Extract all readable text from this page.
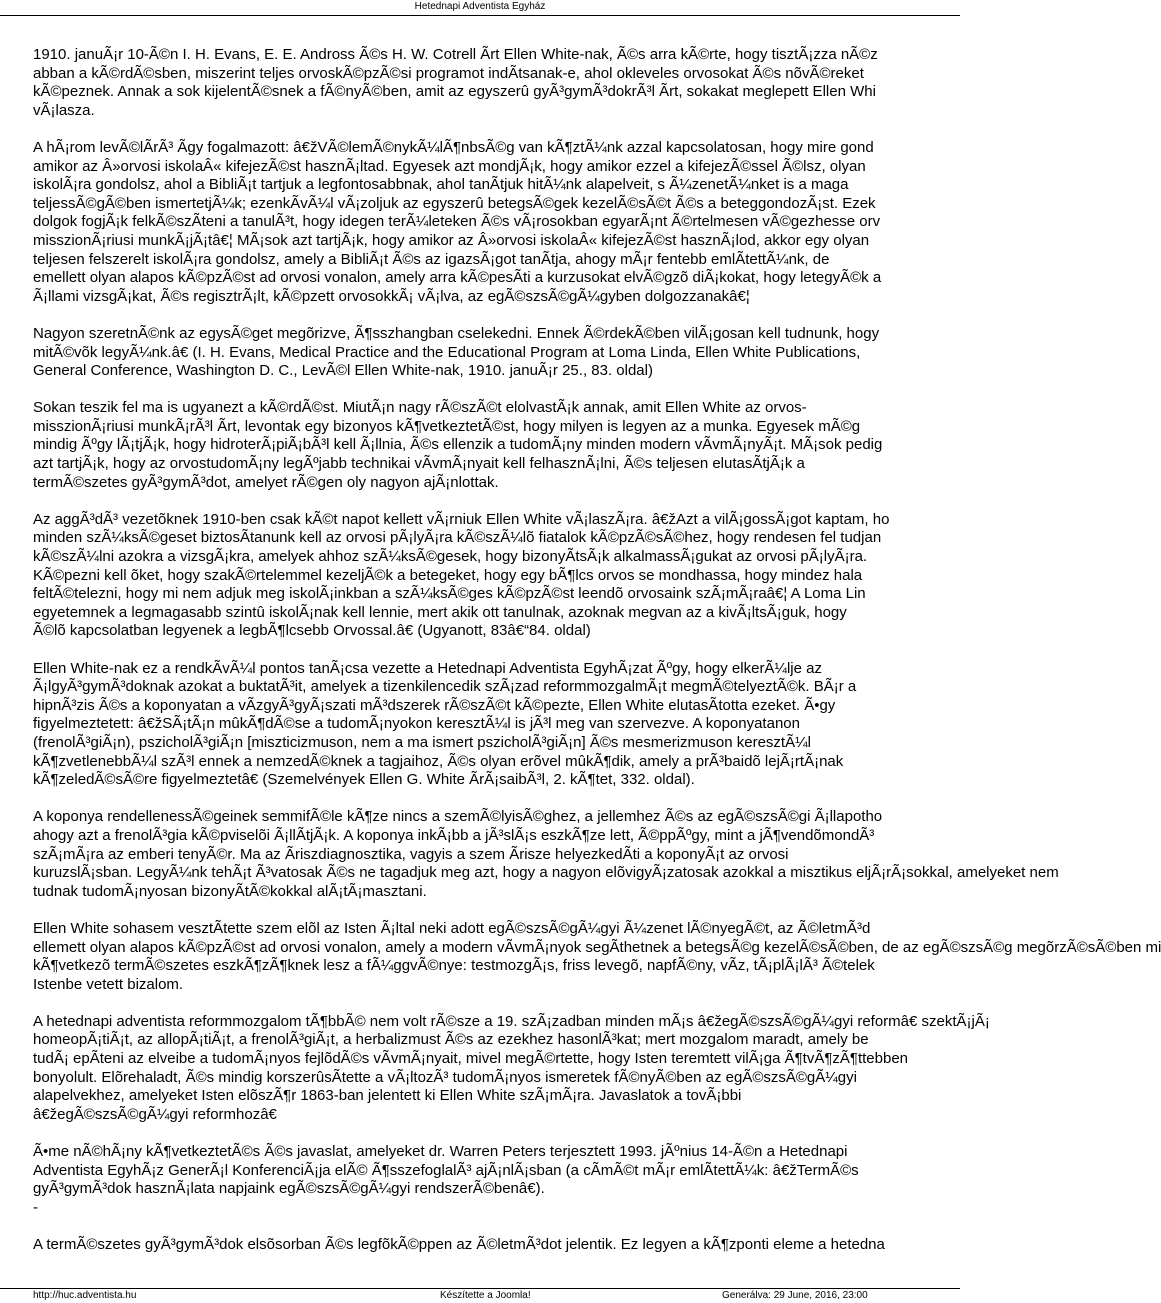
Hetednapi Adventista Egyház
1910. januÃ¡r 10-Ã©n I. H. Evans, E. E. Andross Ã©s H. W. Cotrell Ãrt Ellen White-nak, Ã©s arra kÃ©rte, hogy tisztÃ¡zza nÃ©z
abban a kÃ©rdÃ©sben, miszerint teljes orvoskÃ©pzÃ©si programot indÃtsanak-e, ahol okleveles orvosokat Ã©s nõvÃ©reket
kÃ©peznek. Annak a sok kijelentÃ©snek a fÃ©nyÃ©ben, amit az egyszerû gyÃ³gymÃ³dokrÃ³l Ãrt, sokakat meglepett Ellen Whi
vÃ¡lasza.
A hÃ¡rom levÃ©lÃrÃ³ Ãgy fogalmazott: â€žVÃ©lemÃ©nykÃ¼lÃ¶nbsÃ©g van kÃ¶ztÃ¼nk azzal kapcsolatosan, hogy mire gond
amikor az Â»orvosi iskolaÂ« kifejezÃ©st hasznÃ¡ltad. Egyesek azt mondjÃ¡k, hogy amikor ezzel a kifejezÃ©ssel Ã©lsz, olyan
iskolÃ¡ra gondolsz, ahol a BibliÃ¡t tartjuk a legfontosabbnak, ahol tanÃtjuk hitÃ¼nk alapelveit, s Ã¼zenetÃ¼nket is a maga
teljessÃ©gÃ©ben ismertetjÃ¼k; ezenkÃvÃ¼l vÃ¡zoljuk az egyszerû betegsÃ©gek kezelÃ©sÃ©t Ã©s a beteggondozÃ¡st. Ezek
dolgok fogjÃ¡k felkÃ©szÃteni a tanulÃ³t, hogy idegen terÃ¼leteken Ã©s vÃ¡rosokban egyarÃ¡nt Ã©rtelmesen vÃ©gezhesse orv
misszionÃ¡riusi munkÃ¡jÃ¡tâ€¦ MÃ¡sok azt tartjÃ¡k, hogy amikor az Â»orvosi iskolaÂ« kifejezÃ©st hasznÃ¡lod, akkor egy olyan
teljesen felszerelt iskolÃ¡ra gondolsz, amely a BibliÃ¡t Ã©s az igazsÃ¡got tanÃtja, ahogy mÃ¡r fentebb emlÃtettÃ¼nk, de
emellett olyan alapos kÃ©pzÃ©st ad orvosi vonalon, amely arra kÃ©pesÃti a kurzusokat elvÃ©gzõ diÃ¡kokat, hogy letegyÃ©k a
Ã¡llami vizsgÃ¡kat, Ã©s regisztrÃ¡lt, kÃ©pzett orvosokkÃ¡ vÃ¡lva, az egÃ©szsÃ©gÃ¼gyben dolgozzanakâ€¦
Nagyon szeretnÃ©nk az egysÃ©get megõrizve, Ã¶sszhangban cselekedni. Ennek Ã©rdekÃ©ben vilÃ¡gosan kell tudnunk, hogy
mitÃ©võk legyÃ¼nk.â€ (I. H. Evans, Medical Practice and the Educational Program at Loma Linda, Ellen White Publications,
General Conference, Washington D. C., LevÃ©l Ellen White-nak, 1910. januÃ¡r 25., 83. oldal)
Sokan teszik fel ma is ugyanezt a kÃ©rdÃ©st. MiutÃ¡n nagy rÃ©szÃ©t elolvastÃ¡k annak, amit Ellen White az orvos-
misszionÃ¡riusi munkÃ¡rÃ³l Ãrt, levontak egy bizonyos kÃ¶vetkeztetÃ©st, hogy milyen is legyen az a munka. Egyesek mÃ©g
mindig Ãºgy lÃ¡tjÃ¡k, hogy hidroterÃ¡piÃ¡bÃ³l kell Ã¡llnia, Ã©s ellenzik a tudomÃ¡ny minden modern vÃvmÃ¡nyÃ¡t. MÃ¡sok pedig
azt tartjÃ¡k, hogy az orvostudomÃ¡ny legÃºjabb technikai vÃvmÃ¡nyait kell felhasznÃ¡lni, Ã©s teljesen elutasÃtjÃ¡k a
termÃ©szetes gyÃ³gymÃ³dot, amelyet rÃ©gen oly nagyon ajÃ¡nlottak.
Az aggÃ³dÃ³ vezetõknek 1910-ben csak kÃ©t napot kellett vÃ¡rniuk Ellen White vÃ¡laszÃ¡ra. â€žAzt a vilÃ¡gossÃ¡got kaptam, ho
minden szÃ¼ksÃ©geset biztosÃtanunk kell az orvosi pÃ¡lyÃ¡ra kÃ©szÃ¼lõ fiatalok kÃ©pzÃ©sÃ©hez, hogy rendesen fel tudjan
kÃ©szÃ¼lni azokra a vizsgÃ¡kra, amelyek ahhoz szÃ¼ksÃ©gesek, hogy bizonyÃtsÃ¡k alkalmassÃ¡gukat az orvosi pÃ¡lyÃ¡ra.
KÃ©pezni kell õket, hogy szakÃ©rtelemmel kezeljÃ©k a betegeket, hogy egy bÃ¶lcs orvos se mondhassa, hogy mindez hala
feltÃ©telezni, hogy mi nem adjuk meg iskolÃ¡inkban a szÃ¼ksÃ©ges kÃ©pzÃ©st leendõ orvosaink szÃ¡mÃ¡raâ€¦ A Loma Lin
egyetemnek a legmagasabb szintû iskolÃ¡nak kell lennie, mert akik ott tanulnak, azoknak megvan az a kivÃ¡ltsÃ¡guk, hogy
Ã©lõ kapcsolatban legyenek a legbÃ¶lcsebb Orvossal.â€ (Ugyanott, 83â€“84. oldal)
Ellen White-nak ez a rendkÃvÃ¼l pontos tanÃ¡csa vezette a Hetednapi Adventista EgyhÃ¡zat Ãºgy, hogy elkerÃ¼lje az
Ã¡lgyÃ³gymÃ³doknak azokat a buktatÃ³it, amelyek a tizenkilencedik szÃ¡zad reformmozgalmÃ¡t megmÃ©telyeztÃ©k. BÃ¡r a
hipnÃ³zis Ã©s a koponyatan a vÃzgyÃ³gyÃ¡szati mÃ³dszerek rÃ©szÃ©t kÃ©pezte, Ellen White elutasÃtotta ezeket. Ã•gy
figyelmeztetett: â€žSÃ¡tÃ¡n mûkÃ¶dÃ©se a tudomÃ¡nyokon keresztÃ¼l is jÃ³l meg van szervezve. A koponyatanon
(frenolÃ³giÃ¡n), pszicholÃ³giÃ¡n [miszticizmuson, nem a ma ismert pszicholÃ³giÃ¡n] Ã©s mesmerizmuson keresztÃ¼l
kÃ¶zvetlenebbÃ¼l szÃ³l ennek a nemzedÃ©knek a tagjaihoz, Ã©s olyan erõvel mûkÃ¶dik, amely a prÃ³baidõ lejÃ¡rtÃ¡nak
kÃ¶zeledÃ©sÃ©re figyelmeztetâ€ (Szemelvények Ellen G. White ÃrÃ¡saibÃ³l, 2. kÃ¶tet, 332. oldal).
A koponya rendellenessÃ©geinek semmifÃ©le kÃ¶ze nincs a szemÃ©lyisÃ©ghez, a jellemhez Ã©s az egÃ©szsÃ©gi Ã¡llapotho
ahogy azt a frenolÃ³gia kÃ©pviselõi Ã¡llÃtjÃ¡k. A koponya inkÃ¡bb a jÃ³slÃ¡s eszkÃ¶ze lett, Ã©ppÃºgy, mint a jÃ¶vendõmondÃ³
szÃ¡mÃ¡ra az emberi tenyÃ©r. Ma az Ãriszdiagnosztika, vagyis a szem Ãrisze helyezkedÃti a koponyÃ¡t az orvosi
kuruzslÃ¡sban. LegyÃ¼nk tehÃ¡t Ã³vatosak Ã©s ne tagadjuk meg azt, hogy a nagyon elõvigyÃ¡zatosak azokkal a misztikus eljÃ¡rÃ¡sokkal, amelyeket nem
tudnak tudomÃ¡nyosan bizonyÃtÃ©kokkal alÃ¡tÃ¡masztani.
Ellen White sohasem vesztÃtette szem elõl az Isten Ã¡ltal neki adott egÃ©szsÃ©gÃ¼gyi Ã¼zenet lÃ©nyegÃ©t, az Ã©letmÃ³d
ellemett olyan alapos kÃ©pzÃ©st ad orvosi vonalon, amely a modern vÃvmÃ¡nyok segÃthetnek a betegsÃ©g kezelÃ©sÃ©ben, de az egÃ©szsÃ©g megõrzÃ©sÃ©ben mi
kÃ¶vetkezõ termÃ©szetes eszkÃ¶zÃ¶knek lesz a fÃ¼ggvÃ©nye: testmozgÃ¡s, friss levegõ, napfÃ©ny, vÃz, tÃ¡plÃ¡lÃ³ Ã©telek
Istenbe vetett bizalom.
A hetednapi adventista reformmozgalom tÃ¶bbÃ© nem volt rÃ©sze a 19. szÃ¡zadban minden mÃ¡s â€žegÃ©szsÃ©gÃ¼gyi reformâ€ szektÃ¡jÃ¡
homeopÃ¡tiÃ¡t, az allopÃ¡tiÃ¡t, a frenolÃ³giÃ¡t, a herbalizmust Ã©s az ezekhez hasonlÃ³kat; mert mozgalom maradt, amely be
tudÃ¡ epÃteni az elveibe a tudomÃ¡nyos fejlõdÃ©s vÃvmÃ¡nyait, mivel megÃ©rtette, hogy Isten teremtett vilÃ¡ga Ã¶tvÃ¶zÃ¶ttebben
bonyolult. Elõrehaladt, Ã©s mindig korszerûsÃtette a vÃ¡ltozÃ³ tudomÃ¡nyos ismeretek fÃ©nyÃ©ben az egÃ©szsÃ©gÃ¼gyi
alapelvekhez, amelyeket Isten elõszÃ¶r 1863-ban jelentett ki Ellen White szÃ¡mÃ¡ra. Javaslatok a tovÃ¡bbi
â€žegÃ©szsÃ©gÃ¼gyi reformhozâ€
Ã•me nÃ©hÃ¡ny kÃ¶vetkeztetÃ©s Ã©s javaslat, amelyeket dr. Warren Peters terjesztett 1993. jÃºnius 14-Ã©n a Hetednapi
Adventista EgyhÃ¡z GenerÃ¡l KonferenciÃ¡ja elÃ© Ã¶sszefoglalÃ³ ajÃ¡nlÃ¡sban (a cÃmÃ©t mÃ¡r emlÃtettÃ¼k: â€žTermÃ©s
gyÃ³gymÃ³dok hasznÃ¡lata napjaink egÃ©szsÃ©gÃ¼gyi rendszerÃ©benâ€).
-
A termÃ©szetes gyÃ³gymÃ³dok elsõsorban Ã©s legfõkÃ©ppen az Ã©letmÃ³dot jelentik. Ez legyen a kÃ¶zponti eleme a hetedna
http://huc.adventista.hu	Készítette a Joomla!	Generálva: 29 June, 2016, 23:00
